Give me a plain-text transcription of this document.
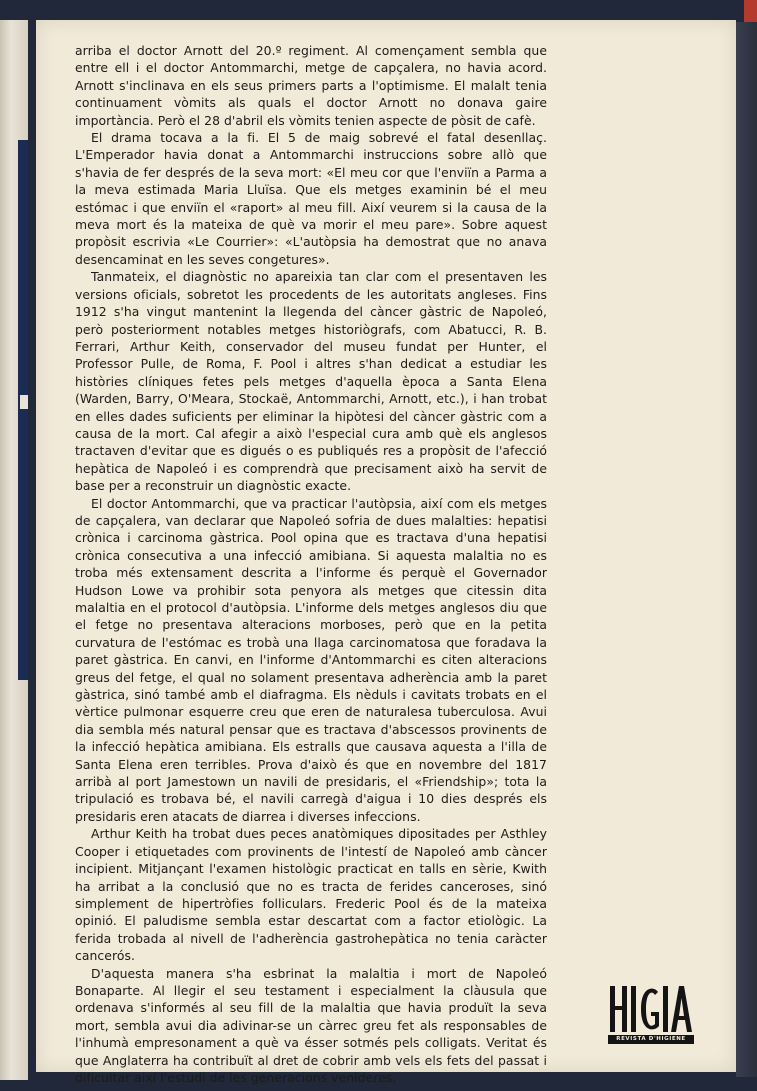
arriba el doctor Arnott del 20.º regiment. Al començament sembla que entre ell i el doctor Antommarchi, metge de capçalera, no havia acord. Arnott s'inclinava en els seus primers parts a l'optimisme. El malalt tenia continuament vòmits als quals el doctor Arnott no donava gaire importància. Però el 28 d'abril els vòmits tenien aspecte de pòsit de cafè.

El drama tocava a la fi. El 5 de maig sobrevé el fatal desenllaç. L'Emperador havia donat a Antommarchi instruccions sobre allò que s'havia de fer després de la seva mort: «El meu cor que l'enviïn a Parma a la meva estimada Maria Lluïsa. Que els metges examinin bé el meu estómac i que enviïn el «raport» al meu fill. Així veurem si la causa de la meva mort és la mateixa de què va morir el meu pare». Sobre aquest propòsit escrivia «Le Courrier»: «L'autòpsia ha demostrat que no anava desencaminat en les seves congetures».

Tanmateix, el diagnòstic no apareixia tan clar com el presentaven les versions oficials, sobretot les procedents de les autoritats angleses. Fins 1912 s'ha vingut mantenint la llegenda del càncer gàstric de Napoleó, però posteriorment notables metges historiògrafs, com Abatucci, R. B. Ferrari, Arthur Keith, conservador del museu fundat per Hunter, el Professor Pulle, de Roma, F. Pool i altres s'han dedicat a estudiar les històries clíniques fetes pels metges d'aquella època a Santa Elena (Warden, Barry, O'Meara, Stockaë, Antommarchi, Arnott, etc.), i han trobat en elles dades suficients per eliminar la hipòtesi del càncer gàstric com a causa de la mort. Cal afegir a això l'especial cura amb què els anglesos tractaven d'evitar que es digués o es publiqués res a propòsit de l'afecció hepàtica de Napoleó i es comprendrà que precisament això ha servit de base per a reconstruir un diagnòstic exacte.

El doctor Antommarchi, que va practicar l'autòpsia, així com els metges de capçalera, van declarar que Napoleó sofria de dues malalties: hepatisi crònica i carcinoma gàstrica. Pool opina que es tractava d'una hepatisi crònica consecutiva a una infecció amibiana. Si aquesta malaltia no es troba més extensament descrita a l'informe és perquè el Governador Hudson Lowe va prohibir sota penyora als metges que citessin dita malaltia en el protocol d'autòpsia. L'informe dels metges anglesos diu que el fetge no presentava alteracions morboses, però que en la petita curvatura de l'estómac es trobà una llaga carcinomatosa que foradava la paret gàstrica. En canvi, en l'informe d'Antommarchi es citen alteracions greus del fetge, el qual no solament presentava adherència amb la paret gàstrica, sinó també amb el diafragma. Els nèduls i cavitats trobats en el vèrtice pulmonar esquerre creu que eren de naturalesa tuberculosa. Avui dia sembla més natural pensar que es tractava d'abscessos provinents de la infecció hepàtica amibiana. Els estralls que causava aquesta a l'illa de Santa Elena eren terribles. Prova d'això és que en novembre del 1817 arribà al port Jamestown un navili de presidaris, el «Friendship»; tota la tripulació es trobava bé, el navili carregà d'aigua i 10 dies després els presidaris eren atacats de diarrea i diverses infeccions.

Arthur Keith ha trobat dues peces anatòmiques dipositades per Asthley Cooper i etiquetades com provinents de l'intestí de Napoleó amb càncer incipient. Mitjançant l'examen histològic practicat en talls en sèrie, Kwith ha arribat a la conclusió que no es tracta de ferides canceroses, sinó simplement de hipertròfies folliculars. Frederic Pool és de la mateixa opinió. El paludisme sembla estar descartat com a factor etiològic. La ferida trobada al nivell de l'adherència gastrohepàtica no tenia caràcter cancerós.

D'aquesta manera s'ha esbrinat la malaltia i mort de Napoleó Bonaparte. Al llegir el seu testament i especialment la clàusula que ordenava s'informés al seu fill de la malaltia que havia produït la seva mort, sembla avui dia adivinar-se un càrrec greu fet als responsables de l'inhumà empresonament a què va ésser sotmés pels colligats. Veritat és que Anglaterra ha contribuït al dret de cobrir amb vels els fets del passat i dificultar així l'estudi de les generacions venideres.

REVISTA D'HIGIENE
